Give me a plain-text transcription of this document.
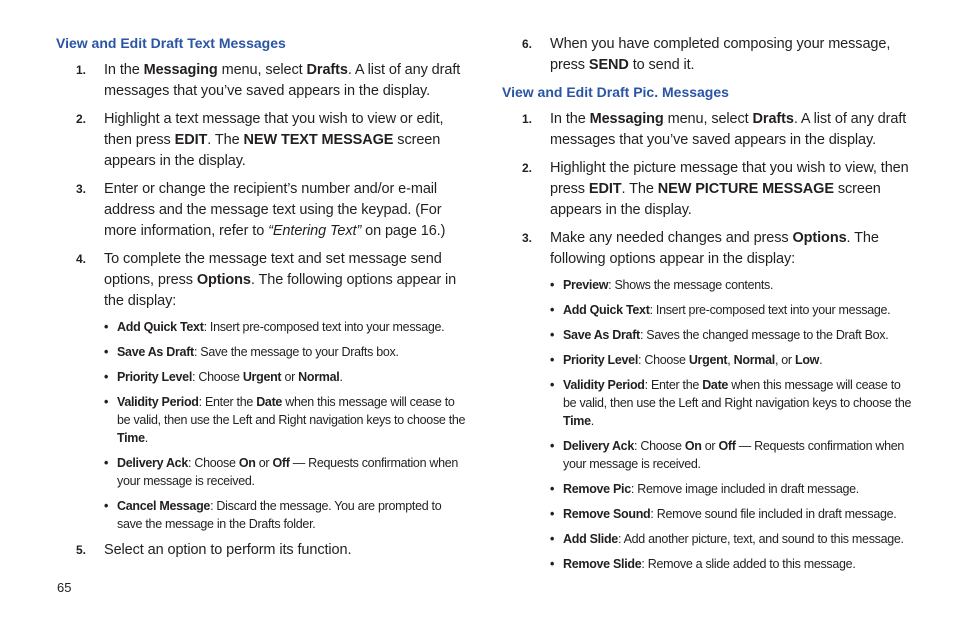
View and Edit Draft Text Messages
1. In the Messaging menu, select Drafts. A list of any draft messages that you’ve saved appears in the display.
2. Highlight a text message that you wish to view or edit, then press EDIT. The NEW TEXT MESSAGE screen appears in the display.
3. Enter or change the recipient’s number and/or e-mail address and the message text using the keypad. (For more information, refer to “Entering Text” on page 16.)
4. To complete the message text and set message send options, press Options. The following options appear in the display:
• Add Quick Text: Insert pre-composed text into your message.
• Save As Draft: Save the message to your Drafts box.
• Priority Level: Choose Urgent or Normal.
• Validity Period: Enter the Date when this message will cease to be valid, then use the Left and Right navigation keys to choose the Time.
• Delivery Ack: Choose On or Off — Requests confirmation when your message is received.
• Cancel Message: Discard the message. You are prompted to save the message in the Drafts folder.
5. Select an option to perform its function.
6. When you have completed composing your message, press SEND to send it.
View and Edit Draft Pic. Messages
1. In the Messaging menu, select Drafts. A list of any draft messages that you’ve saved appears in the display.
2. Highlight the picture message that you wish to view, then press EDIT. The NEW PICTURE MESSAGE screen appears in the display.
3. Make any needed changes and press Options. The following options appear in the display:
• Preview: Shows the message contents.
• Add Quick Text: Insert pre-composed text into your message.
• Save As Draft: Saves the changed message to the Draft Box.
• Priority Level: Choose Urgent, Normal, or Low.
• Validity Period: Enter the Date when this message will cease to be valid, then use the Left and Right navigation keys to choose the Time.
• Delivery Ack: Choose On or Off — Requests confirmation when your message is received.
• Remove Pic: Remove image included in draft message.
• Remove Sound: Remove sound file included in draft message.
• Add Slide: Add another picture, text, and sound to this message.
• Remove Slide: Remove a slide added to this message.
65
